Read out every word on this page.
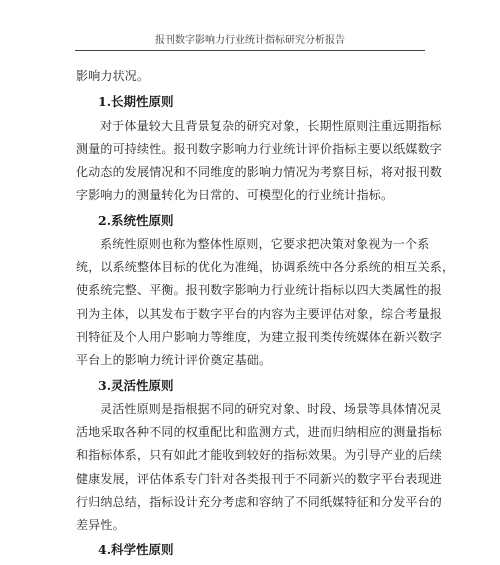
报刊数字影响力行业统计指标研究分析报告
影响力状况。
1.长期性原则
对于体量较大且背景复杂的研究对象，长期性原则注重远期指标
测量的可持续性。报刊数字影响力行业统计评价指标主要以纸媒数字
化动态的发展情况和不同维度的影响力情况为考察目标，将对报刊数
字影响力的测量转化为日常的、可模型化的行业统计指标。
2.系统性原则
系统性原则也称为整体性原则，它要求把决策对象视为一个系
统，以系统整体目标的优化为准绳，协调系统中各分系统的相互关系，
使系统完整、平衡。报刊数字影响力行业统计指标以四大类属性的报
刊为主体，以其发布于数字平台的内容为主要评估对象，综合考量报
刊特征及个人用户影响力等维度，为建立报刊类传统媒体在新兴数字
平台上的影响力统计评价奠定基础。
3.灵活性原则
灵活性原则是指根据不同的研究对象、时段、场景等具体情况灵
活地采取各种不同的权重配比和监测方式，进而归纳相应的测量指标
和指标体系，只有如此才能收到较好的指标效果。为引导产业的后续
健康发展，评估体系专门针对各类报刊于不同新兴的数字平台表现进
行归纳总结，指标设计充分考虑和容纳了不同纸媒特征和分发平台的
差异性。
4.科学性原则
